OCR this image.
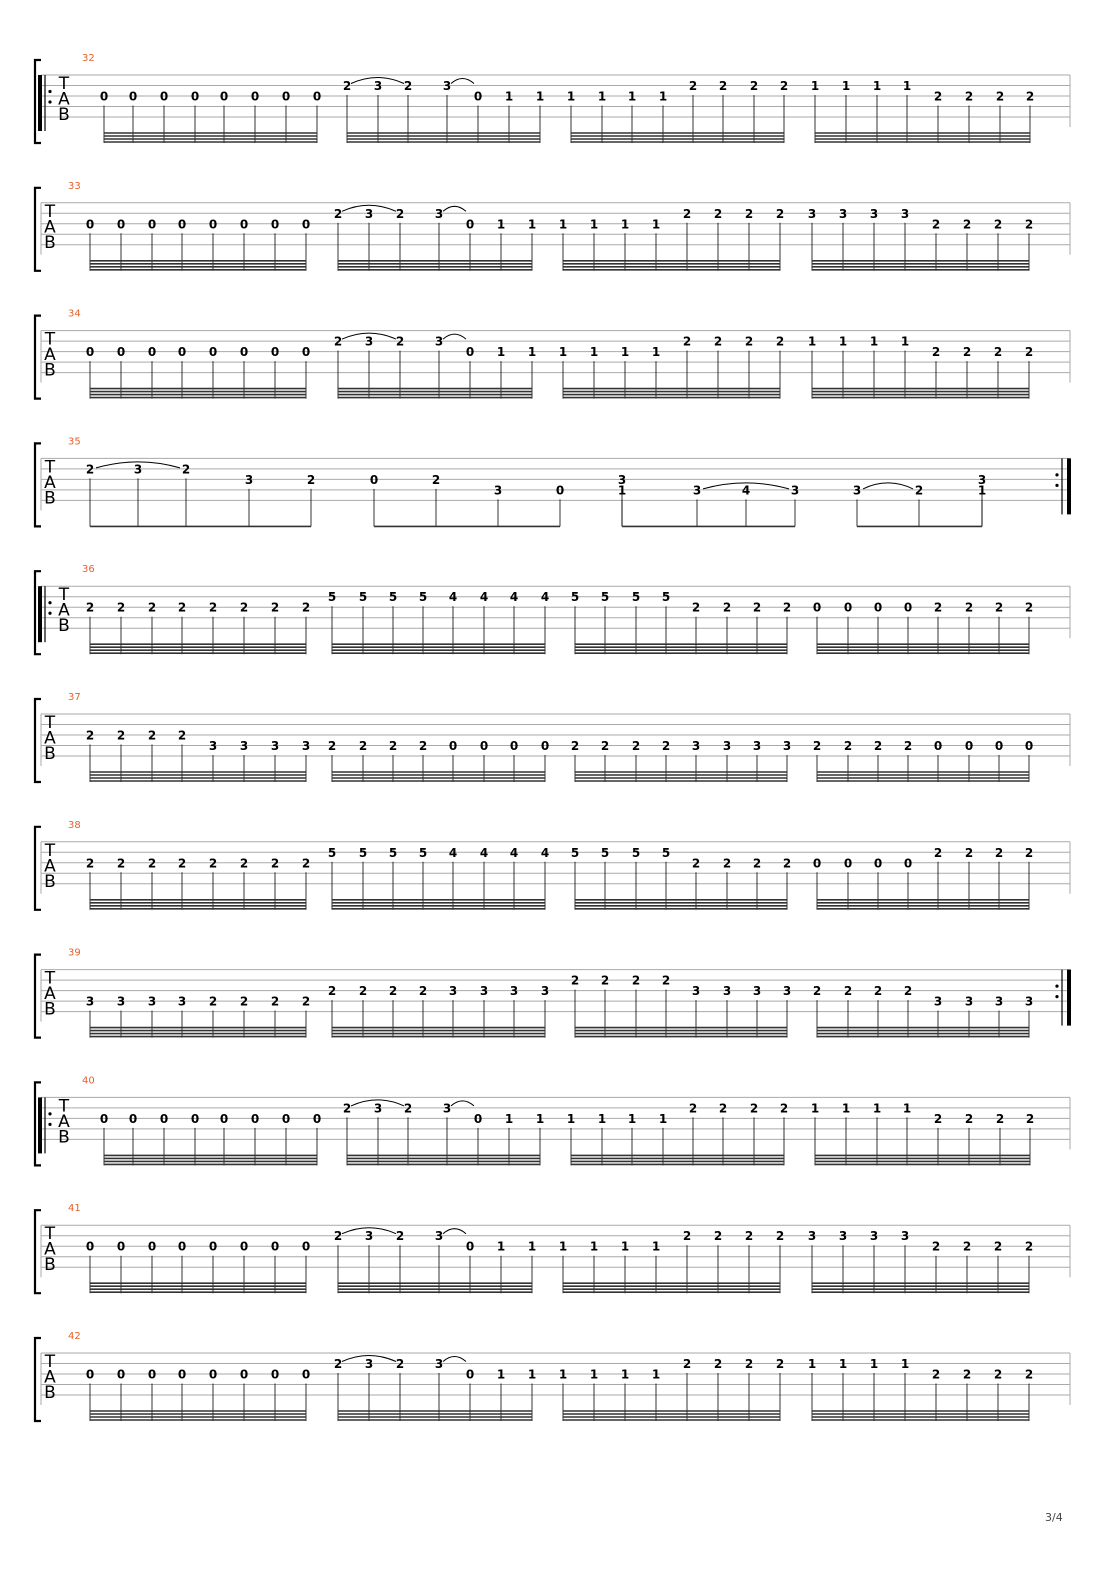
T
A
B
32
0 0 0 0 0 0 0 0
2 3 2	3
0 1 1 1 1 1 1
2 2 2 2 1 1 1 1
2 2 2 2
T
A
B
33
0 0 0 0 0 0 0 0
2 3 2	3
0 1 1 1 1 1 1
2 2 2 2 3 3 3 3
2 2 2 2
T
A
B
34
0 0 0 0 0 0 0 0
2 3 2	3
0 1 1 1 1 1 1
2 2 2 2 1 1 1 1
2 2 2 2
T
A
B
35
2	3	2
3	2	0	2
3	0
3
1	3	4	3	3	2
3
1
T
A
B
36
2 2 2 2 2 2 2 2
5 5 5 5 4 4 4 4 5 5 5 5
2 2 2 2 0 0 0 0 2 2 2 2
T
A
B
37
2 2 2 2
3 3 3 3 2 2 2 2 0 0 0 0 2 2 2 2 3 3 3 3 2 2 2 2 0 0 0 0
T
A
B
38
2 2 2 2 2 2 2 2
5 5 5 5 4 4 4 4 5 5 5 5
2 2 2 2 0 0 0 0
2 2 2 2
T
A
B
39
3 3 3 3 2 2 2 2
2 2 2 2 3 3 3 3
2 2 2 2
3 3 3 3 2 2 2 2
3 3 3 3
T
A
B
40
0 0 0 0 0 0 0 0
2 3 2	3
0 1 1 1 1 1 1
2 2 2 2 1 1 1 1
2 2 2 2
T
A
B
41
0 0 0 0 0 0 0 0
2 3 2	3
0 1 1 1 1 1 1
2 2 2 2 3 3 3 3
2 2 2 2
T
A
B
42
0 0 0 0 0 0 0 0
2 3 2	3
0 1 1 1 1 1 1
2 2 2 2 1 1 1 1
2 2 2 2
3/4
